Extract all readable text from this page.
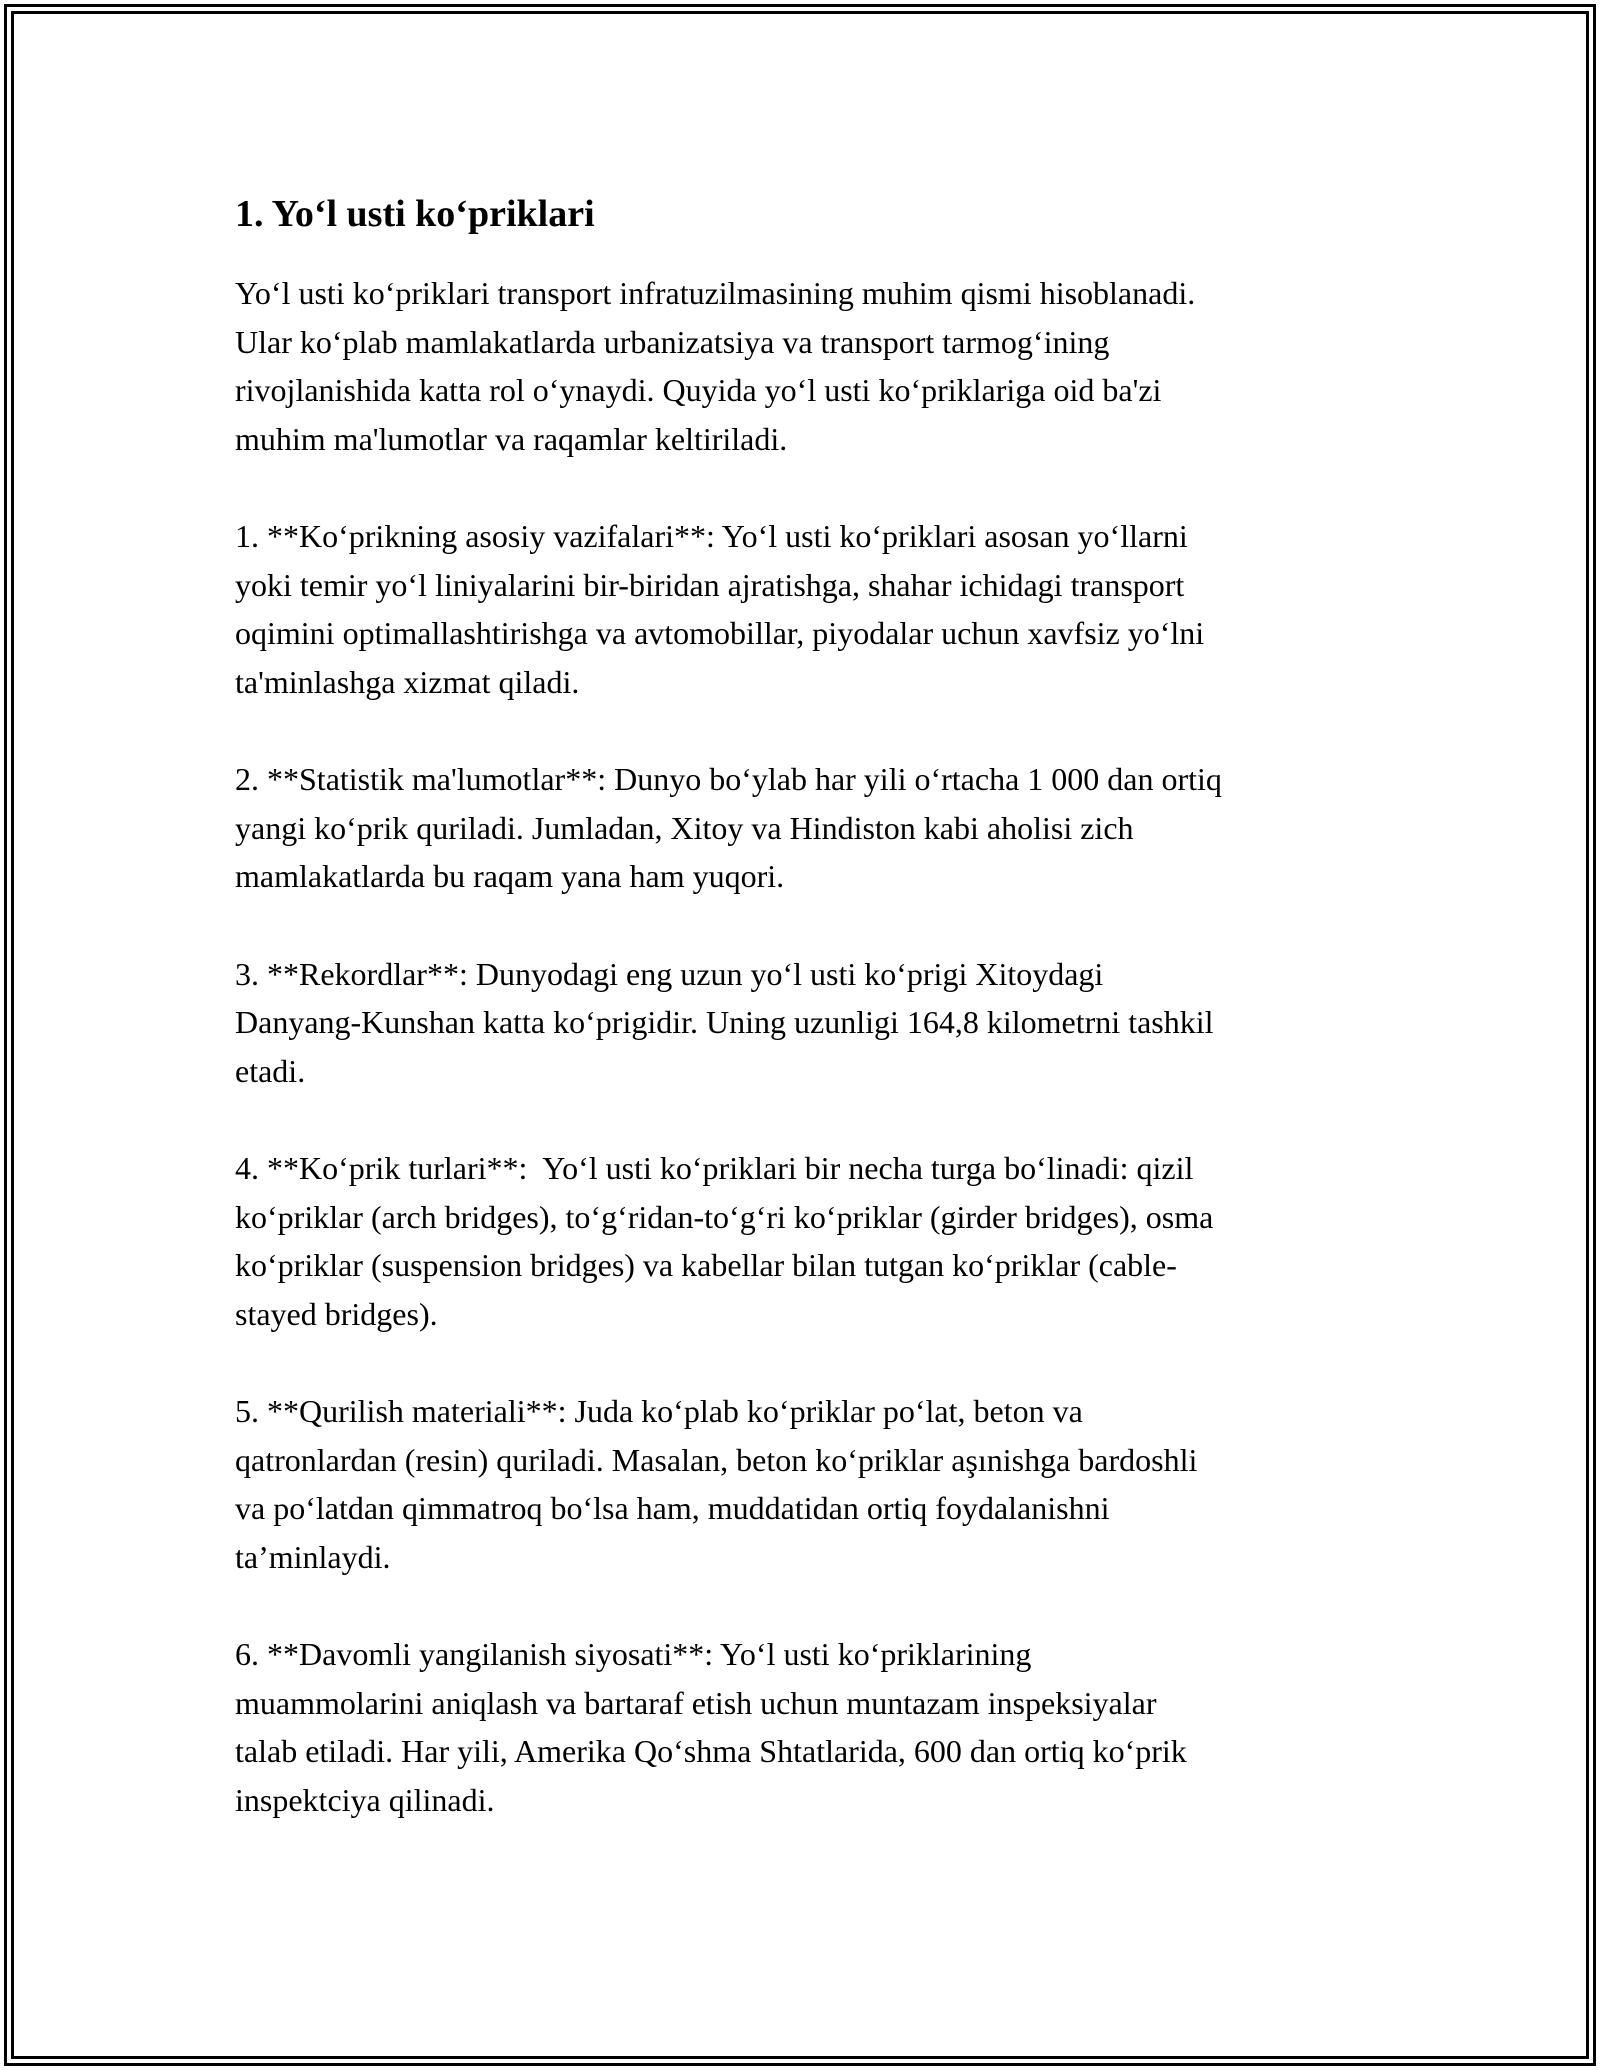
1. Yo‘l usti ko‘priklari

Yo‘l usti ko‘priklari transport infratuzilmasining muhim qismi hisoblanadi.
Ular ko‘plab mamlakatlarda urbanizatsiya va transport tarmog‘ining
rivojlanishida katta rol o‘ynaydi. Quyida yo‘l usti ko‘priklariga oid ba'zi
muhim ma'lumotlar va raqamlar keltiriladi.

1. **Ko‘prikning asosiy vazifalari**: Yo‘l usti ko‘priklari asosan yo‘llarni
yoki temir yo‘l liniyalarini bir-biridan ajratishga, shahar ichidagi transport
oqimini optimallashtirishga va avtomobillar, piyodalar uchun xavfsiz yo‘lni
ta'minlashga xizmat qiladi.

2. **Statistik ma'lumotlar**: Dunyo bo‘ylab har yili o‘rtacha 1 000 dan ortiq
yangi ko‘prik quriladi. Jumladan, Xitoy va Hindiston kabi aholisi zich
mamlakatlarda bu raqam yana ham yuqori.

3. **Rekordlar**: Dunyodagi eng uzun yo‘l usti ko‘prigi Xitoydagi
Danyang-Kunshan katta ko‘prigidir. Uning uzunligi 164,8 kilometrni tashkil
etadi.

4. **Ko‘prik turlari**:  Yo‘l usti ko‘priklari bir necha turga bo‘linadi: qizil
ko‘priklar (arch bridges), to‘g‘ridan-to‘g‘ri ko‘priklar (girder bridges), osma
ko‘priklar (suspension bridges) va kabellar bilan tutgan ko‘priklar (cable-
stayed bridges).

5. **Qurilish materiali**: Juda ko‘plab ko‘priklar po‘lat, beton va
qatronlardan (resin) quriladi. Masalan, beton ko‘priklar aşınishga bardoshli
va po‘latdan qimmatroq bo‘lsa ham, muddatidan ortiq foydalanishni
ta’minlaydi.

6. **Davomli yangilanish siyosati**: Yo‘l usti ko‘priklarining
muammolarini aniqlash va bartaraf etish uchun muntazam inspeksiyalar
talab etiladi. Har yili, Amerika Qo‘shma Shtatlarida, 600 dan ortiq ko‘prik
inspektciya qilinadi.
